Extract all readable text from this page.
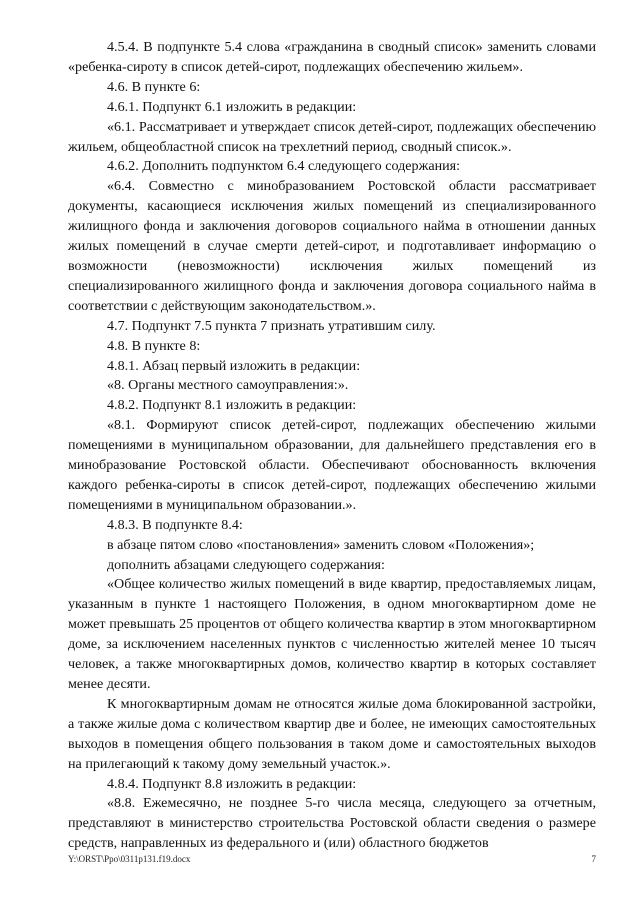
4.5.4. В подпункте 5.4 слова «гражданина в сводный список» заменить словами «ребенка-сироту в список детей-сирот, подлежащих обеспечению жильем».

4.6. В пункте 6:

4.6.1. Подпункт 6.1 изложить в редакции:

«6.1. Рассматривает и утверждает список детей-сирот, подлежащих обеспечению жильем, общеобластной список на трехлетний период, сводный список.».

4.6.2. Дополнить подпунктом 6.4 следующего содержания:

«6.4. Совместно с минобразованием Ростовской области рассматривает документы, касающиеся исключения жилых помещений из специализированного жилищного фонда и заключения договоров социального найма в отношении данных жилых помещений в случае смерти детей-сирот, и подготавливает информацию о возможности (невозможности) исключения жилых помещений из специализированного жилищного фонда и заключения договора социального найма в соответствии с действующим законодательством.».

4.7. Подпункт 7.5 пункта 7 признать утратившим силу.

4.8. В пункте 8:

4.8.1. Абзац первый изложить в редакции:

«8. Органы местного самоуправления:».

4.8.2. Подпункт 8.1 изложить в редакции:

«8.1. Формируют список детей-сирот, подлежащих обеспечению жилыми помещениями в муниципальном образовании, для дальнейшего представления его в минобразование Ростовской области. Обеспечивают обоснованность включения каждого ребенка-сироты в список детей-сирот, подлежащих обеспечению жилыми помещениями в муниципальном образовании.».

4.8.3. В подпункте 8.4:

в абзаце пятом слово «постановления» заменить словом «Положения»;

дополнить абзацами следующего содержания:

«Общее количество жилых помещений в виде квартир, предоставляемых лицам, указанным в пункте 1 настоящего Положения, в одном многоквартирном доме не может превышать 25 процентов от общего количества квартир в этом многоквартирном доме, за исключением населенных пунктов с численностью жителей менее 10 тысяч человек, а также многоквартирных домов, количество квартир в которых составляет менее десяти.

К многоквартирным домам не относятся жилые дома блокированной застройки, а также жилые дома с количеством квартир две и более, не имеющих самостоятельных выходов в помещения общего пользования в таком доме и самостоятельных выходов на прилегающий к такому дому земельный участок.».

4.8.4. Подпункт 8.8 изложить в редакции:

«8.8. Ежемесячно, не позднее 5-го числа месяца, следующего за отчетным, представляют в министерство строительства Ростовской области сведения о размере средств, направленных из федерального и (или) областного бюджетов

Y:\ORST\Ppo\0311p131.f19.docx	7
